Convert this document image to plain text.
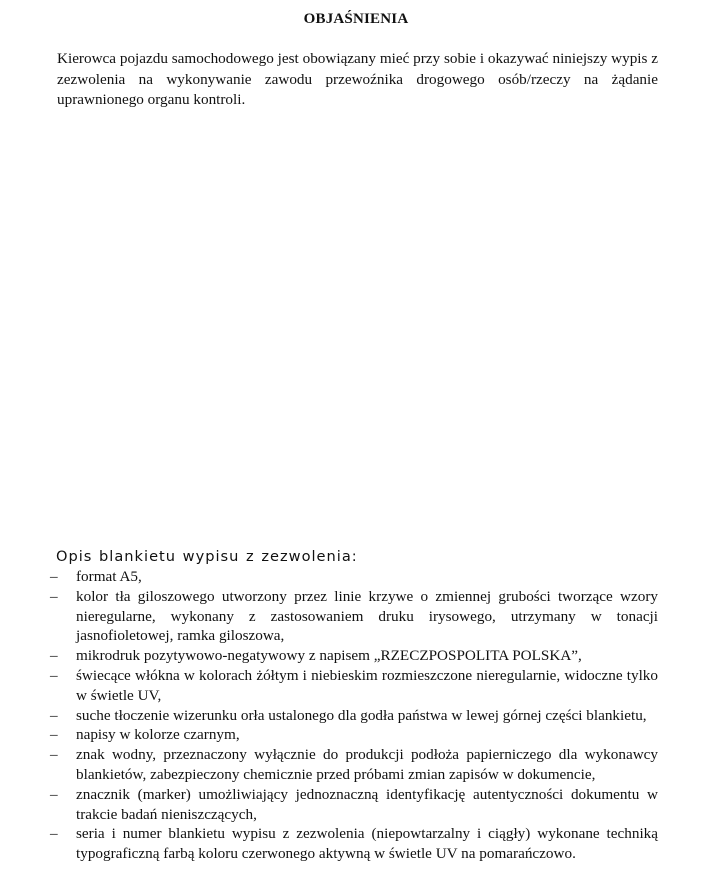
OBJAŚNIENIA

Kierowca pojazdu samochodowego jest obowiązany mieć przy sobie i okazywać niniejszy wypis z zezwolenia na wykonywanie zawodu przewoźnika drogowego osób/rzeczy na żądanie uprawnionego organu kontroli.

Opis blankietu wypisu z zezwolenia:
– format A5,
– kolor tła giloszowego utworzony przez linie krzywe o zmiennej grubości tworzące wzory nieregularne, wykonany z zastosowaniem druku irysowego, utrzymany w tonacji jasnofioletowej, ramka giloszowa,
– mikrodruk pozytywowo-negatywowy z napisem „RZECZPOSPOLITA POLSKA”,
– świecące włókna w kolorach żółtym i niebieskim rozmieszczone nieregularnie, widoczne tylko w świetle UV,
– suche tłoczenie wizerunku orła ustalonego dla godła państwa w lewej górnej części blankietu,
– napisy w kolorze czarnym,
– znak wodny, przeznaczony wyłącznie do produkcji podłoża papierniczego dla wykonawcy blankietów, zabezpieczony chemicznie przed próbami zmian zapisów w dokumencie,
– znacznik (marker) umożliwiający jednoznaczną identyfikację autentyczności dokumentu w trakcie badań nieniszczących,
– seria i numer blankietu wypisu z zezwolenia (niepowtarzalny i ciągły) wykonane techniką typograficzną farbą koloru czerwonego aktywną w świetle UV na pomarańczowo.
